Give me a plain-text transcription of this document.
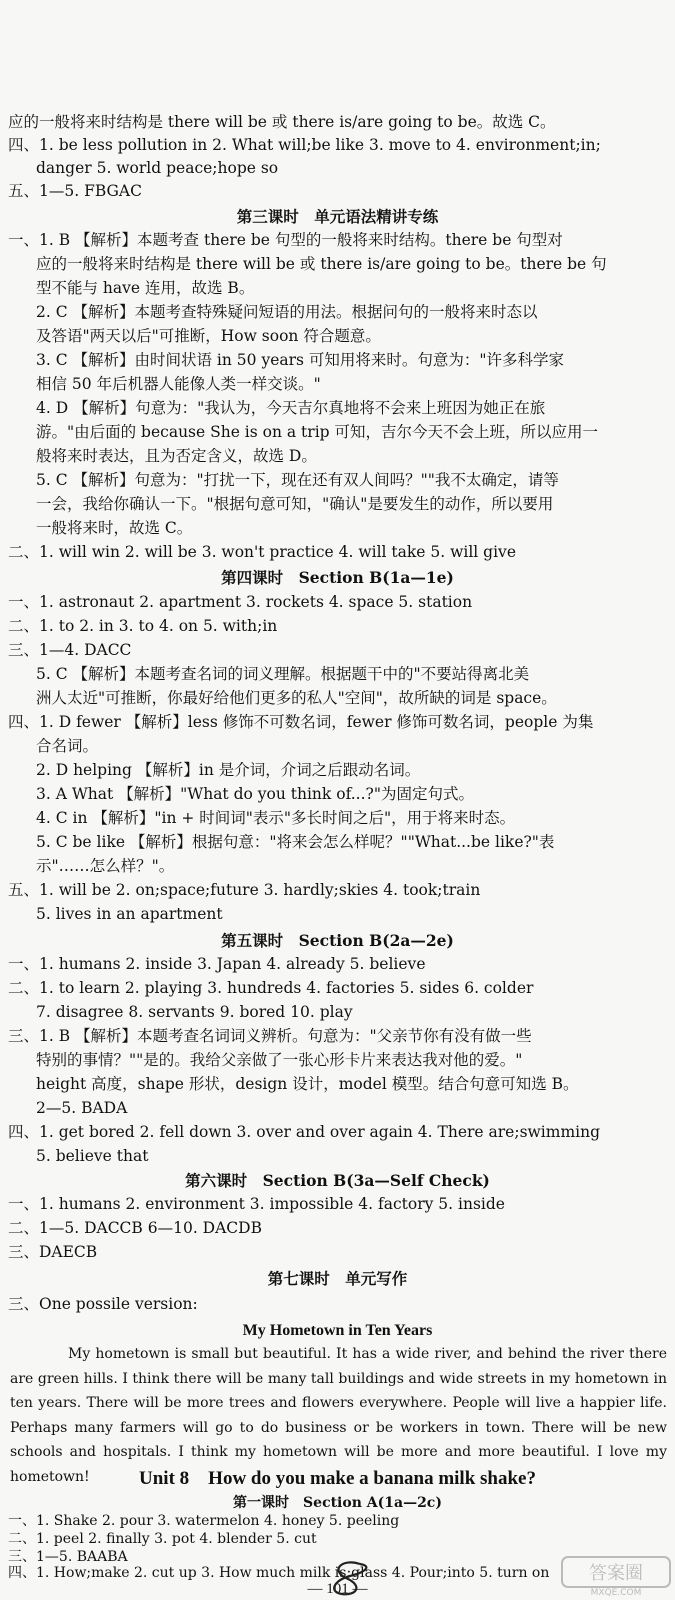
应的一般将来时结构是 there will be 或 there is/are going to be。故选 C。
四、1. be less pollution in 2. What will;be like 3. move to 4. environment;in;
danger 5. world peace;hope so
五、1—5. FBGAC
第三课时　单元语法精讲专练
一、1. B 【解析】本题考查 there be 句型的一般将来时结构。there be 句型对
应的一般将来时结构是 there will be 或 there is/are going to be。there be 句
型不能与 have 连用，故选 B。
2. C 【解析】本题考查特殊疑问短语的用法。根据问句的一般将来时态以
及答语"两天以后"可推断，How soon 符合题意。
3. C 【解析】由时间状语 in 50 years 可知用将来时。句意为："许多科学家
相信 50 年后机器人能像人类一样交谈。"
4. D 【解析】句意为："我认为，今天吉尔真地将不会来上班因为她正在旅
游。"由后面的 because She is on a trip 可知，吉尔今天不会上班，所以应用一
般将来时表达，且为否定含义，故选 D。
5. C 【解析】句意为："打扰一下，现在还有双人间吗？""我不太确定，请等
一会，我给你确认一下。"根据句意可知，"确认"是要发生的动作，所以要用
一般将来时，故选 C。
二、1. will win 2. will be 3. won't practice 4. will take 5. will give
第四课时　Section B(1a—1e)
一、1. astronaut 2. apartment 3. rockets 4. space 5. station
二、1. to 2. in 3. to 4. on 5. with;in
三、1—4. DACC
5. C 【解析】本题考查名词的词义理解。根据题干中的"不要站得离北美
洲人太近"可推断，你最好给他们更多的私人"空间"，故所缺的词是 space。
四、1. D fewer 【解析】less 修饰不可数名词，fewer 修饰可数名词，people 为集
合名词。
2. D helping 【解析】in 是介词，介词之后跟动名词。
3. A What 【解析】"What do you think of...?"为固定句式。
4. C in 【解析】"in + 时间词"表示"多长时间之后"，用于将来时态。
5. C be like 【解析】根据句意："将来会怎么样呢？""What...be like?"表
示"……怎么样？"。
五、1. will be 2. on;space;future 3. hardly;skies 4. took;train
5. lives in an apartment
第五课时　Section B(2a—2e)
一、1. humans 2. inside 3. Japan 4. already 5. believe
二、1. to learn 2. playing 3. hundreds 4. factories 5. sides 6. colder
7. disagree 8. servants 9. bored 10. play
三、1. B 【解析】本题考查名词词义辨析。句意为："父亲节你有没有做一些
特别的事情？""是的。我给父亲做了一张心形卡片来表达我对他的爱。"
height 高度，shape 形状，design 设计，model 模型。结合句意可知选 B。
2—5. BADA
四、1. get bored 2. fell down 3. over and over again 4. There are;swimming
5. believe that
第六课时　Section B(3a—Self Check)
一、1. humans 2. environment 3. impossible 4. factory 5. inside
二、1—5. DACCB 6—10. DACDB
三、DAECB
第七课时　单元写作
三、One possile version:
My Hometown in Ten Years
My hometown is small but beautiful. It has a wide river, and behind the river there are green hills. I think there will be many tall buildings and wide streets in my hometown in ten years. There will be more trees and flowers everywhere. People will live a happier life. Perhaps many farmers will go to do business or be workers in town. There will be new schools and hospitals. I think my hometown will be more and more beautiful. I love my hometown!	Unit 8　How do you make a banana milk shake?
第一课时　Section A(1a—2c)
一、1. Shake 2. pour 3. watermelon 4. honey 5. peeling
二、1. peel 2. finally 3. pot 4. blender 5. cut
三、1—5. BAABA
四、1. How;make 2. cut up 3. How much milk is;glass 4. Pour;into 5. turn on
— 101 —
答案圈
MXQE.COM
